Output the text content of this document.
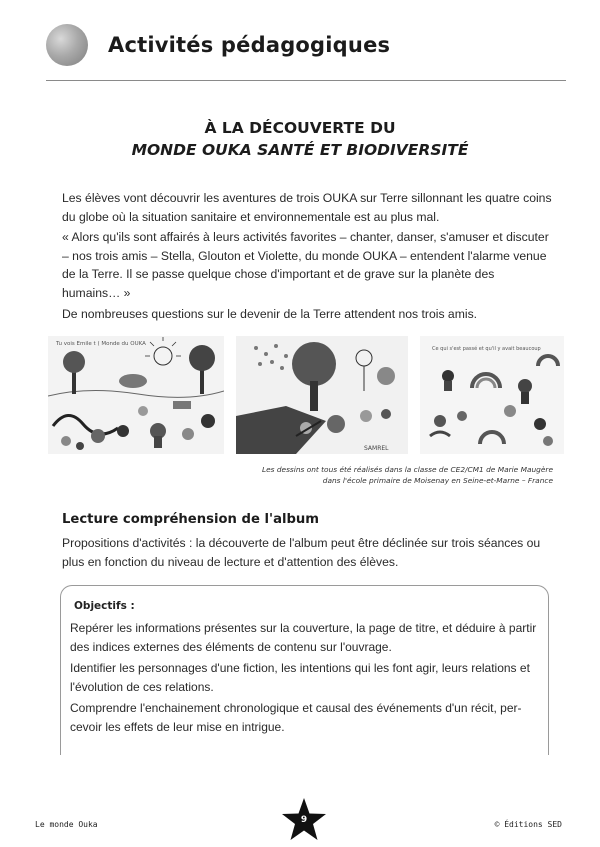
Activités pédagogiques
À LA DÉCOUVERTE DU
MONDE OUKA SANTÉ ET BIODIVERSITÉ

Les élèves vont découvrir les aventures de trois OUKA sur Terre sillonnant les quatre coins du globe où la situation sanitaire et environnementale est au plus mal.

« Alors qu'ils sont affairés à leurs activités favorites – chanter, danser, s'amuser et discuter – nos trois amis – Stella, Glouton et Violette, du monde OUKA – entendent l'alarme venue de la Terre. Il se passe quelque chose d'important et de grave sur la planète des humains… »

De nombreuses questions sur le devenir de la Terre attendent nos trois amis.

Tu vois Emile t ( Monde du OUKA
SAMREL
Ce qui s'est passé et qu'il y avait beaucoup
Les dessins ont tous été réalisés dans la classe de CE2/CM1 de Marie Maugère
dans l'école primaire de Moisenay en Seine-et-Marne – France
Lecture compréhension de l'album
Propositions d'activités : la découverte de l'album peut être déclinée sur trois séances ou plus en fonction du niveau de lecture et d'attention des élèves.
Objectifs :

Repérer les informations présentes sur la couverture, la page de titre, et déduire à partir des indices externes des éléments de contenu sur l'ouvrage.

Identifier les personnages d'une fiction, les intentions qui les font agir, leurs relations et l'évolution de ces relations.

Comprendre l'enchainement chronologique et causal des événements d'un récit, per- cevoir les effets de leur mise en intrigue.

Le monde Ouka	9	© Éditions SED
